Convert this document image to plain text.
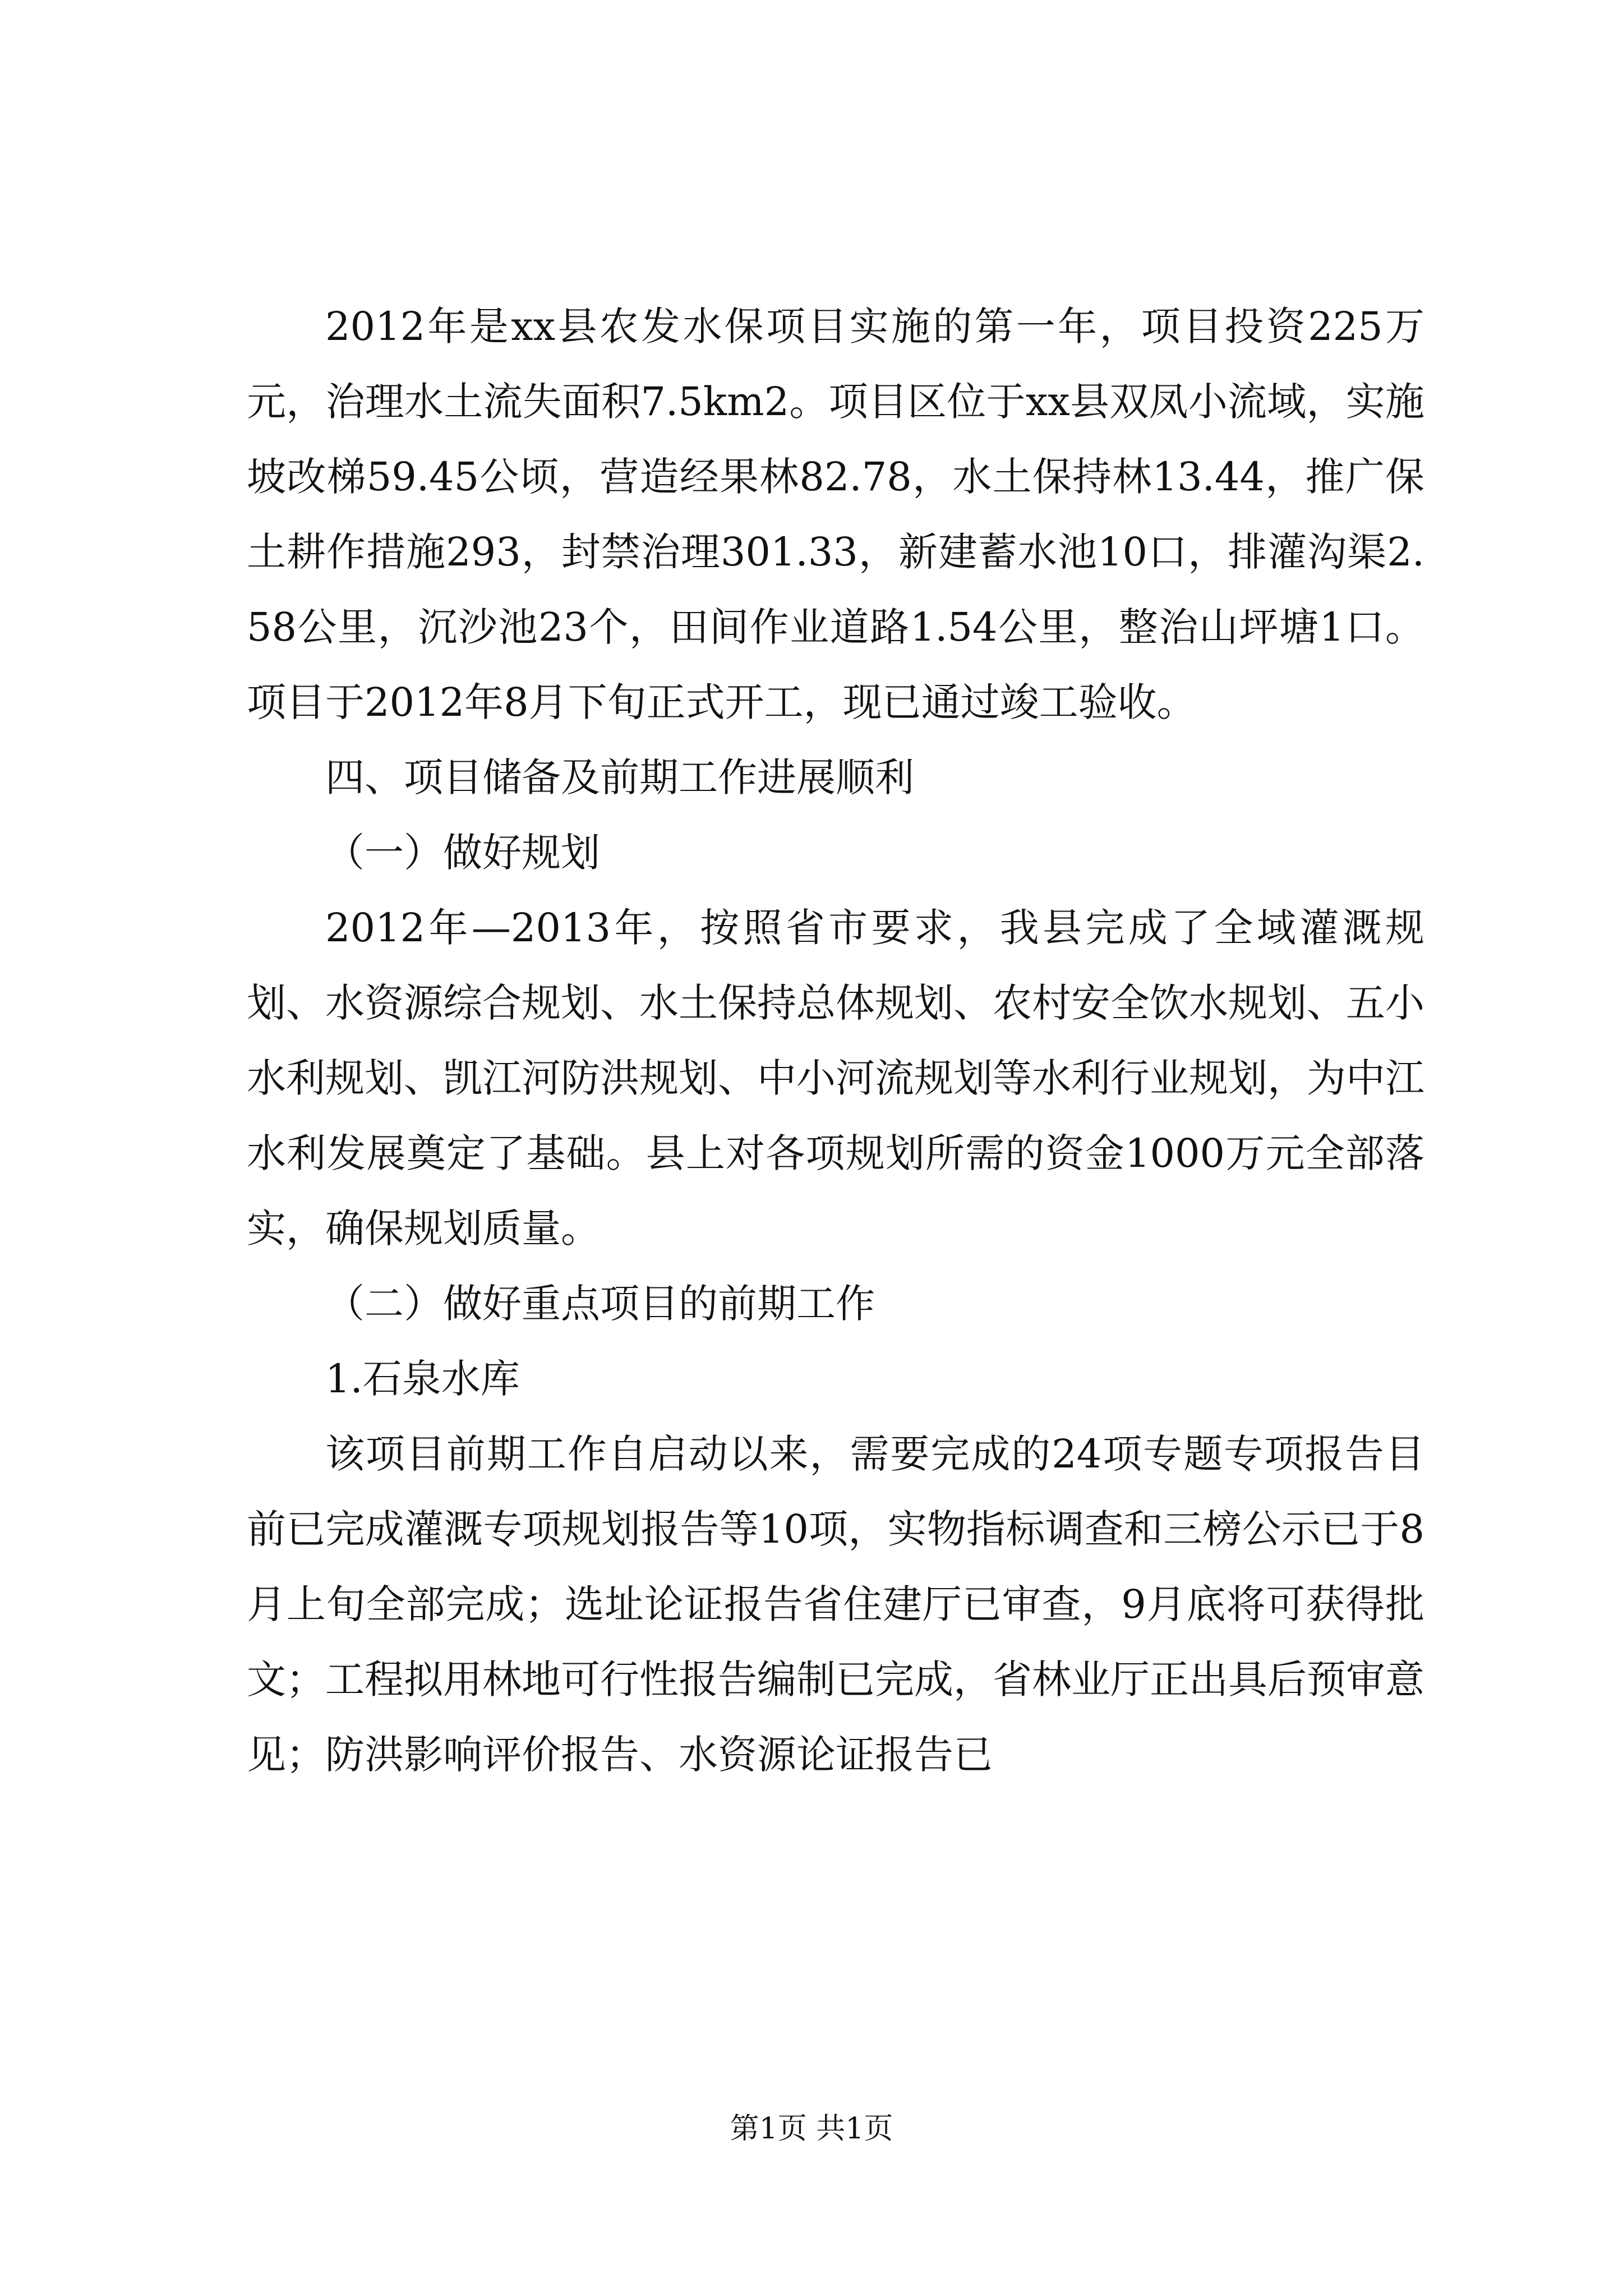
2012年是xx县农发水保项目实施的第一年，项目投资225万元，治理水土流失面积7.5km2。项目区位于xx县双凤小流域，实施坡改梯59.45公顷，营造经果林82.78，水土保持林13.44，推广保土耕作措施293，封禁治理301.33，新建蓄水池10口，排灌沟渠2.58公里，沉沙池23个，田间作业道路1.54公里，整治山坪塘1口。项目于2012年8月下旬正式开工，现已通过竣工验收。

四、项目储备及前期工作进展顺利

（一）做好规划

2012年—2013年，按照省市要求，我县完成了全域灌溉规划、水资源综合规划、水土保持总体规划、农村安全饮水规划、五小水利规划、凯江河防洪规划、中小河流规划等水利行业规划，为中江水利发展奠定了基础。县上对各项规划所需的资金1000万元全部落实，确保规划质量。

（二）做好重点项目的前期工作

1.石泉水库

该项目前期工作自启动以来，需要完成的24项专题专项报告目前已完成灌溉专项规划报告等10项，实物指标调查和三榜公示已于8月上旬全部完成；选址论证报告省住建厅已审查，9月底将可获得批文；工程拟用林地可行性报告编制已完成，省林业厅正出具后预审意见；防洪影响评价报告、水资源论证报告已

第1页 共1页
